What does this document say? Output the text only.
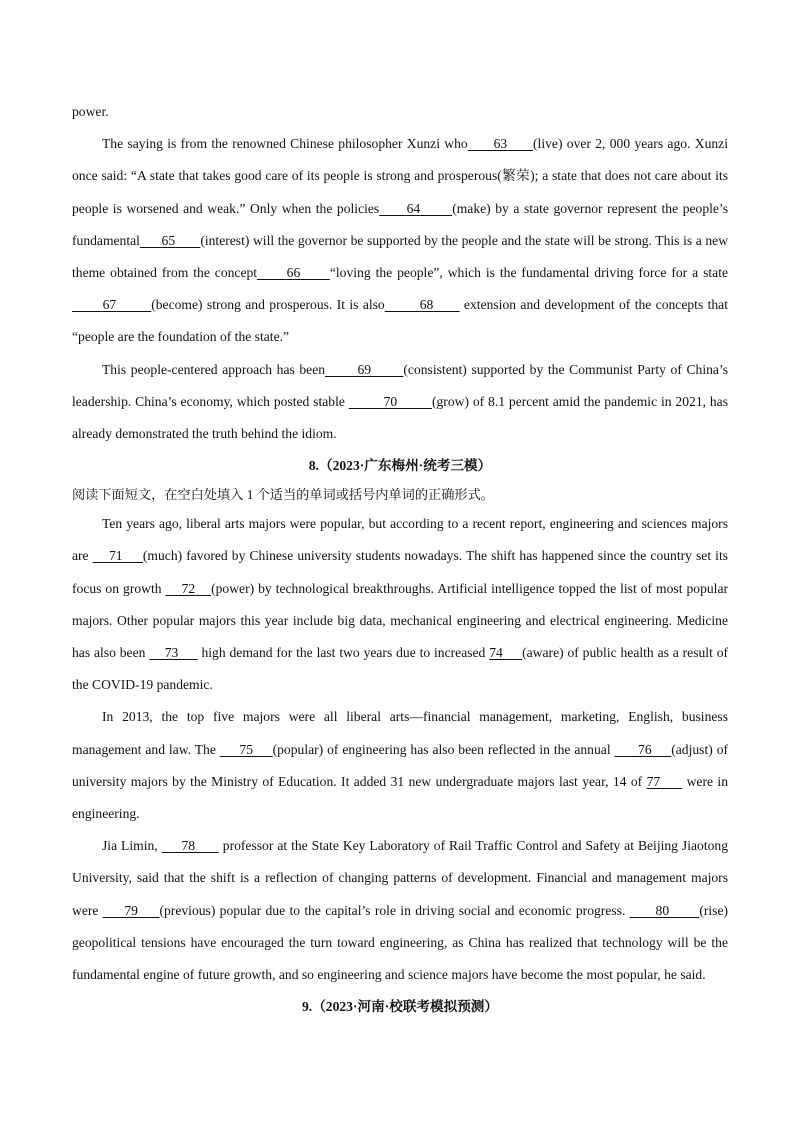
power.

The saying is from the renowned Chinese philosopher Xunzi who 63 (live) over 2, 000 years ago. Xunzi once said: “A state that takes good care of its people is strong and prosperous(繁荣); a state that does not care about its people is worsened and weak.” Only when the policies 64 (make) by a state governor represent the people’s fundamental 65 (interest) will the governor be supported by the people and the state will be strong. This is a new theme obtained from the concept 66 “loving the people”, which is the fundamental driving force for a state        67	(become) strong and prosperous. It is also	68       extension and development of the concepts that “people are the foundation of the state.”

This people-centered approach has been 69 (consistent) supported by the Communist Party of China’s leadership. China’s economy, which posted stable	70	(grow) of 8.1 percent amid the pandemic in 2021, has already demonstrated the truth behind the idiom.

8.（2023·广东梅州·统考三模）

阅读下面短文，在空白处填入 1 个适当的单词或括号内单词的正确形式。

Ten years ago, liberal arts majors were popular, but according to a recent report, engineering and sciences majors are     71 (much) favored by Chinese university students nowadays. The shift has happened since the country set its focus on growth     72 (power) by technological breakthroughs. Artificial intelligence topped the list of most popular majors. Other popular majors this year include big data, mechanical engineering and electrical engineering. Medicine has also been     73      high demand for the last two years due to increased 74 (aware) of public health as a result of the COVID-19 pandemic.

In 2013, the top five majors were all liberal arts—financial management, marketing, English, business management and law. The      75 (popular) of engineering has also been reflected in the annual       76 (adjust) of university majors by the Ministry of Education. It added 31 new undergraduate majors last year, 14 of 77      were in engineering.

Jia Limin,      78       professor at the State Key Laboratory of Rail Traffic Control and Safety at Beijing Jiaotong University, said that the shift is a reflection of changing patterns of development. Financial and management majors were      79 (previous) popular due to the capital’s role in driving social and economic progress.       80 (rise) geopolitical tensions have encouraged the turn toward engineering, as China has realized that technology will be the fundamental engine of future growth, and so engineering and science majors have become the most popular, he said.

9.（2023·河南·校联考模拟预测）
